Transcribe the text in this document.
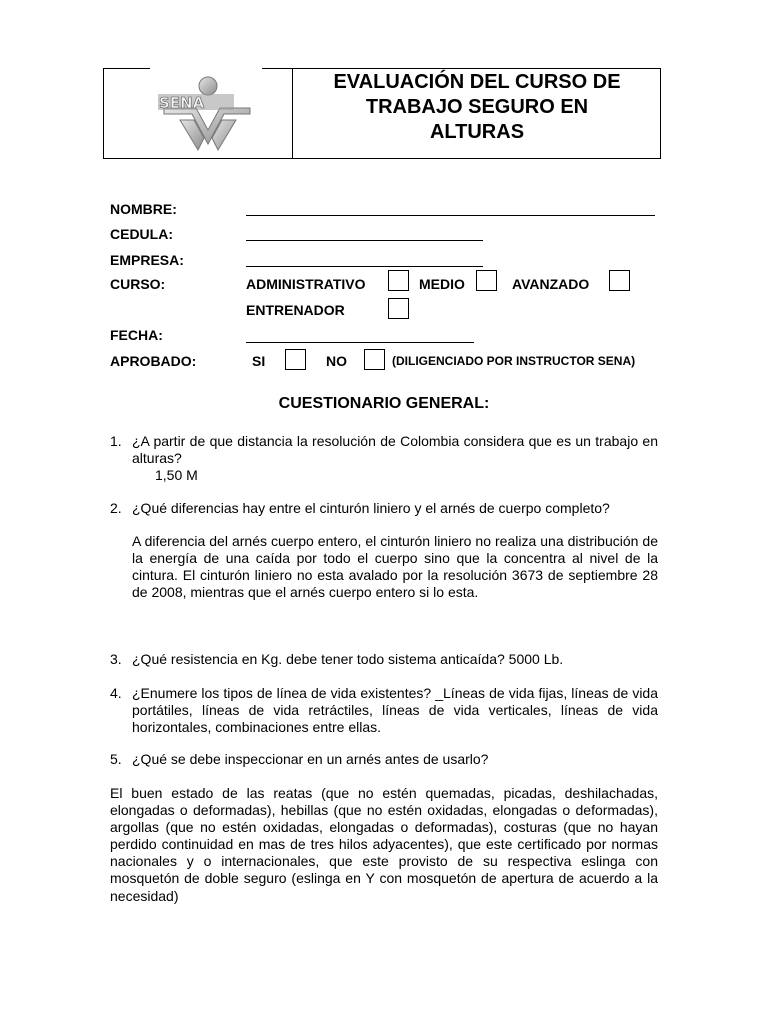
SENA
EVALUACIÓN DEL CURSO DE
TRABAJO SEGURO EN
ALTURAS
NOMBRE:
CEDULA:
EMPRESA:
CURSO:	ADMINISTRATIVO	MEDIO	AVANZADO
ENTRENADOR
FECHA:
APROBADO:	SI	NO	(DILIGENCIADO POR INSTRUCTOR SENA)
CUESTIONARIO GENERAL:
1. ¿A partir de que distancia la resolución de Colombia considera que es un trabajo en alturas?
1,50 M
2. ¿Qué diferencias hay entre el cinturón liniero y el arnés de cuerpo completo?
A diferencia del arnés cuerpo entero, el cinturón liniero no realiza una distribución de la energía de una caída por todo el cuerpo sino que la concentra al nivel de la cintura. El cinturón liniero no esta avalado por la resolución 3673 de septiembre 28 de 2008, mientras que el arnés cuerpo entero si lo esta.
3. ¿Qué resistencia en Kg. debe tener todo sistema anticaída? 5000 Lb.
4. ¿Enumere los tipos de línea de vida existentes? _Líneas de vida fijas, líneas de vida portátiles, líneas de vida retráctiles, líneas de vida verticales, líneas de vida horizontales, combinaciones entre ellas.
5. ¿Qué se debe inspeccionar en un arnés antes de usarlo?
El buen estado de las reatas (que no estén quemadas, picadas, deshilachadas, elongadas o deformadas), hebillas (que no estén oxidadas, elongadas o deformadas), argollas (que no estén oxidadas, elongadas o deformadas), costuras (que no hayan perdido continuidad en mas de tres hilos adyacentes), que este certificado por normas nacionales y o internacionales, que este provisto de su respectiva eslinga con mosquetón de doble seguro (eslinga en Y con mosquetón de apertura de acuerdo a la necesidad)
